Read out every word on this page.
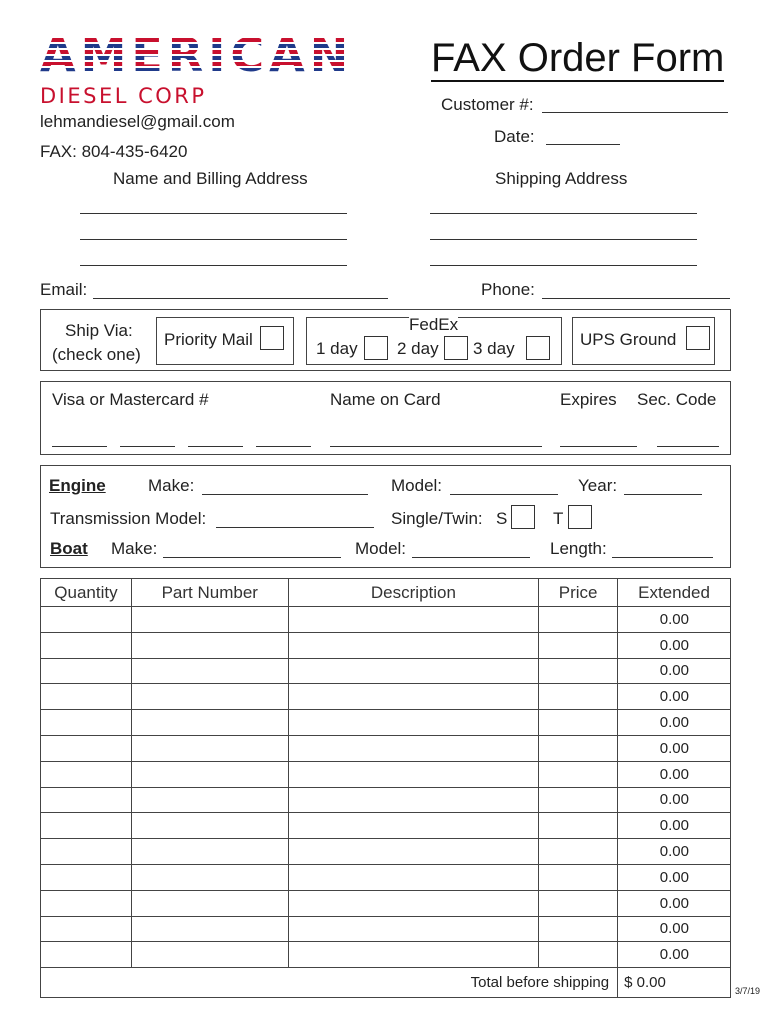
AMERICAN
DIESEL CORP
FAX Order Form
lehmandiesel@gmail.com
FAX: 804-435-6420
Customer #:
Date:
Name and Billing Address	Shipping Address
Email:	Phone:
Ship Via:
(check one)
Priority Mail
FedEx
1 day 2 day 3 day	UPS Ground
Visa or Mastercard #	Name on Card	Expires Sec. Code
Engine Make:	Model:	Year:
Transmission Model:	Single/Twin: S	T
Boat Make:	Model:	Length:
Quantity	Part Number	Description	Price	Extended
				0.00
				0.00
				0.00
				0.00
				0.00
				0.00
				0.00
				0.00
				0.00
				0.00
				0.00
				0.00
				0.00
				0.00
Total before shipping				$ 0.00	3/7/19
